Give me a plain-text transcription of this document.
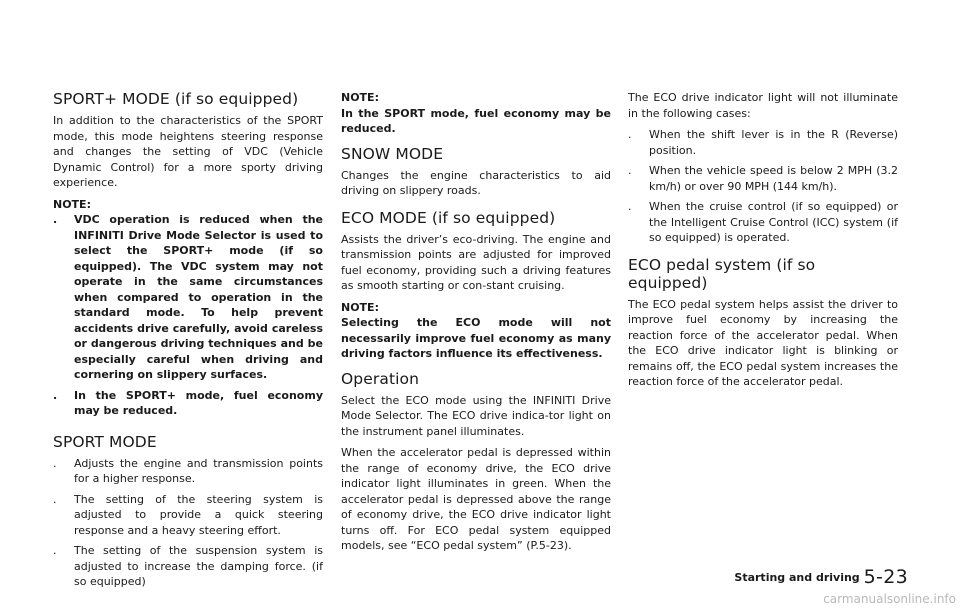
SPORT+ MODE (if so equipped)

In addition to the characteristics of the SPORT mode, this mode heightens steering response and changes the setting of VDC (Vehicle Dynamic Control) for a more sporty driving experience.

NOTE:
. VDC operation is reduced when the INFINITI Drive Mode Selector is used to select the SPORT+ mode (if so equipped). The VDC system may not operate in the same circumstances when compared to operation in the standard mode. To help prevent accidents drive carefully, avoid careless or dangerous driving techniques and be especially careful when driving and cornering on slippery surfaces.
. In the SPORT+ mode, fuel economy may be reduced.
SPORT MODE
. Adjusts the engine and transmission points for a higher response.
. The setting of the steering system is adjusted to provide a quick steering response and a heavy steering effort.
. The setting of the suspension system is adjusted to increase the damping force. (if so equipped)
NOTE:

In the SPORT mode, fuel economy may be reduced.

SNOW MODE

Changes the engine characteristics to aid driving on slippery roads.

ECO MODE (if so equipped)

Assists the driver’s eco-driving. The engine and transmission points are adjusted for improved fuel economy, providing such a driving features as smooth starting or con-stant cruising.

NOTE:

Selecting the ECO mode will not necessarily improve fuel economy as many driving factors influence its effectiveness.

Operation

Select the ECO mode using the INFINITI Drive Mode Selector. The ECO drive indica-tor light on the instrument panel illuminates.

When the accelerator pedal is depressed within the range of economy drive, the ECO drive indicator light illuminates in green. When the accelerator pedal is depressed above the range of economy drive, the ECO drive indicator light turns off. For ECO pedal system equipped models, see “ECO pedal system” (P.5-23).

The ECO drive indicator light will not illuminate in the following cases:

. When the shift lever is in the R (Reverse) position.
. When the vehicle speed is below 2 MPH (3.2 km/h) or over 90 MPH (144 km/h).
. When the cruise control (if so equipped) or the Intelligent Cruise Control (ICC) system (if so equipped) is operated.
ECO pedal system (if so equipped)

The ECO pedal system helps assist the driver to improve fuel economy by increasing the reaction force of the accelerator pedal. When the ECO drive indicator light is blinking or remains off, the ECO pedal system increases the reaction force of the accelerator pedal.

Starting and driving 5-23
carmanualsonline.info
